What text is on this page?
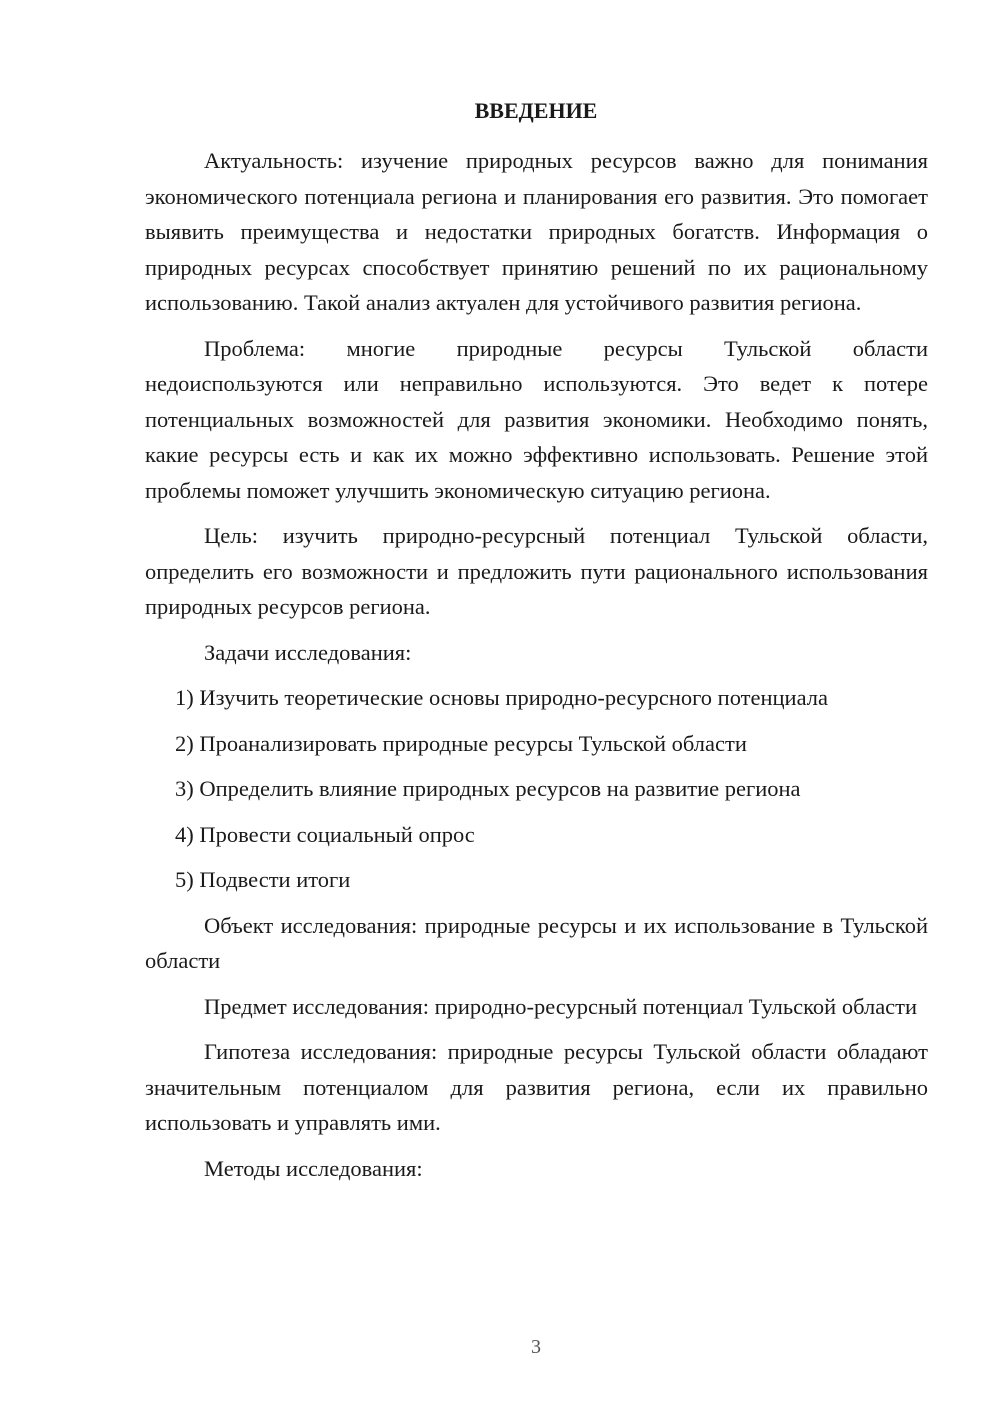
ВВЕДЕНИЕ

Актуальность: изучение природных ресурсов важно для понимания экономического потенциала региона и планирования его развития. Это помогает выявить преимущества и недостатки природных богатств. Информация о природных ресурсах способствует принятию решений по их рациональному использованию. Такой анализ актуален для устойчивого развития региона.

Проблема: многие природные ресурсы Тульской области недоиспользуются или неправильно используются. Это ведет к потере потенциальных возможностей для развития экономики. Необходимо понять, какие ресурсы есть и как их можно эффективно использовать. Решение этой проблемы поможет улучшить экономическую ситуацию региона.

Цель: изучить природно-ресурсный потенциал Тульской области, определить его возможности и предложить пути рационального использования природных ресурсов региона.

Задачи исследования:

1) Изучить теоретические основы природно-ресурсного потенциала
2) Проанализировать природные ресурсы Тульской области
3) Определить влияние природных ресурсов на развитие региона
4) Провести социальный опрос
5) Подвести итоги

Объект исследования: природные ресурсы и их использование в Тульской области

Предмет исследования: природно-ресурсный потенциал Тульской области

Гипотеза исследования: природные ресурсы Тульской области обладают значительным потенциалом для развития региона, если их правильно использовать и управлять ими.

Методы исследования:

3
